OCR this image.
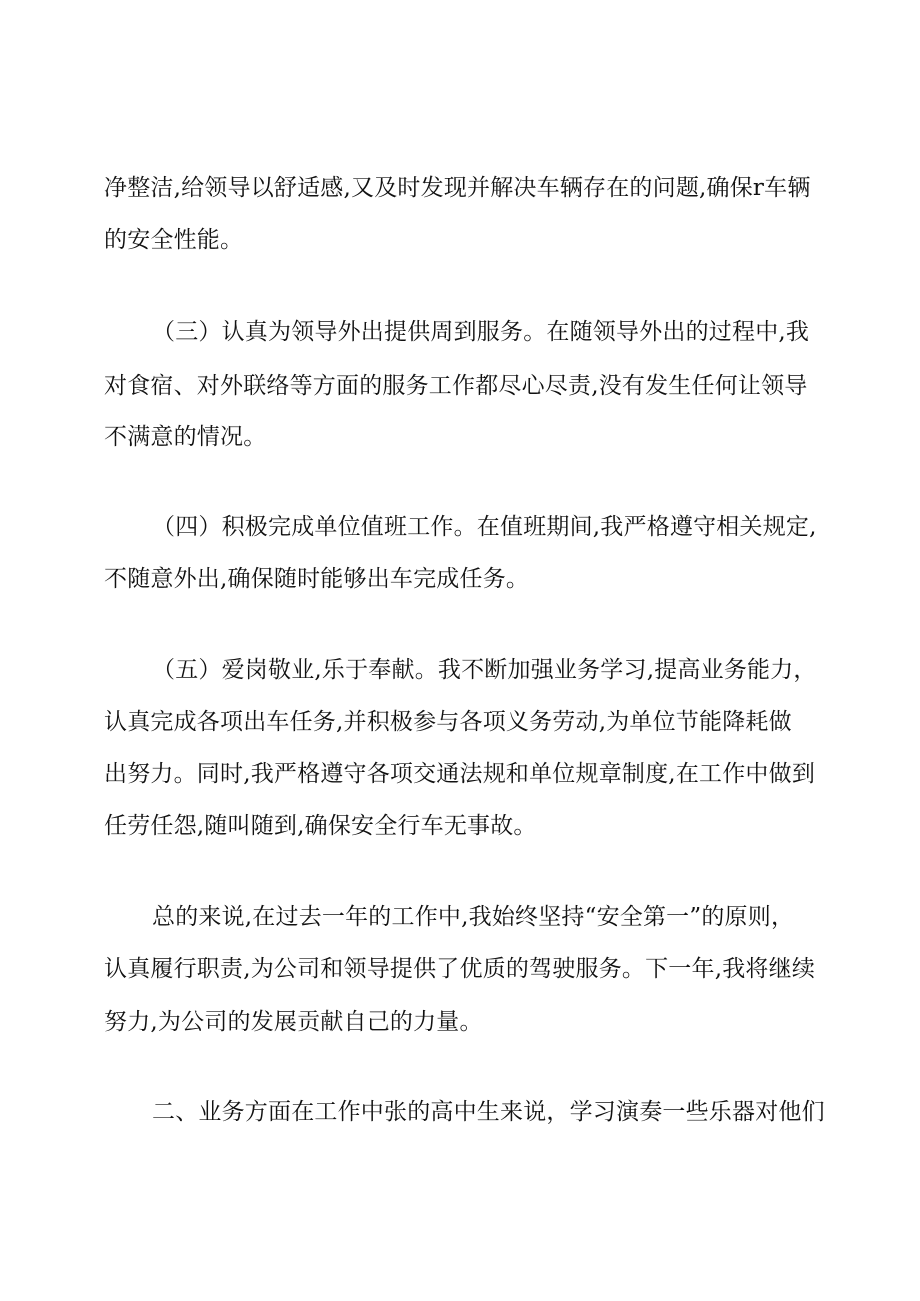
净整洁,给领导以舒适感,又及时发现并解决车辆存在的问题,确保r车辆
的安全性能。
（三）认真为领导外出提供周到服务。在随领导外出的过程中,我
对食宿、对外联络等方面的服务工作都尽心尽责,没有发生任何让领导
不满意的情况。
（四）积极完成单位值班工作。在值班期间,我严格遵守相关规定,
不随意外出,确保随时能够出车完成任务。
（五）爱岗敬业,乐于奉献。我不断加强业务学习,提高业务能力，
认真完成各项出车任务,并积极参与各项义务劳动,为单位节能降耗做
出努力。同时,我严格遵守各项交通法规和单位规章制度,在工作中做到
任劳任怨,随叫随到,确保安全行车无事故。
总的来说,在过去一年的工作中,我始终坚持“安全第一”的原则，
认真履行职责,为公司和领导提供了优质的驾驶服务。下一年,我将继续
努力,为公司的发展贡献自己的力量。
二、业务方面在工作中张的高中生来说，学习演奏一些乐器对他们
